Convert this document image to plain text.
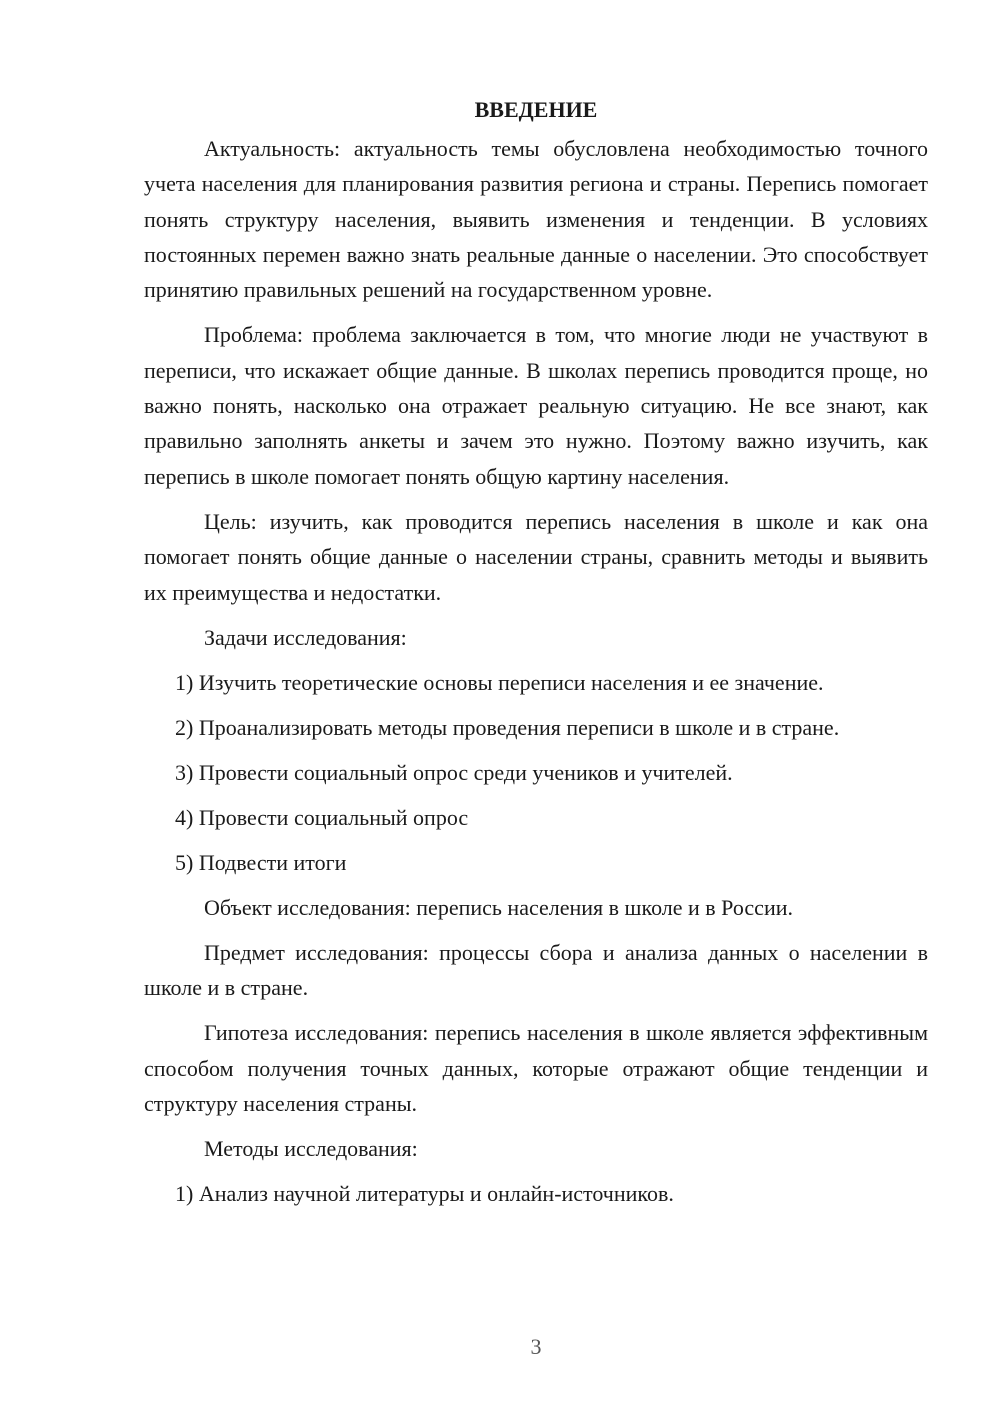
ВВЕДЕНИЕ

Актуальность: актуальность темы обусловлена необходимостью точного учета населения для планирования развития региона и страны. Перепись помогает понять структуру населения, выявить изменения и тенденции. В условиях постоянных перемен важно знать реальные данные о населении. Это способствует принятию правильных решений на государственном уровне.

Проблема: проблема заключается в том, что многие люди не участвуют в переписи, что искажает общие данные. В школах перепись проводится проще, но важно понять, насколько она отражает реальную ситуацию. Не все знают, как правильно заполнять анкеты и зачем это нужно. Поэтому важно изучить, как перепись в школе помогает понять общую картину населения.

Цель: изучить, как проводится перепись населения в школе и как она помогает понять общие данные о населении страны, сравнить методы и выявить их преимущества и недостатки.

Задачи исследования:

1) Изучить теоретические основы переписи населения и ее значение.

2) Проанализировать методы проведения переписи в школе и в стране.

3) Провести социальный опрос среди учеников и учителей.

4) Провести социальный опрос

5) Подвести итоги

Объект исследования: перепись населения в школе и в России.

Предмет исследования: процессы сбора и анализа данных о населении в школе и в стране.

Гипотеза исследования: перепись населения в школе является эффективным способом получения точных данных, которые отражают общие тенденции и структуру населения страны.

Методы исследования:

1) Анализ научной литературы и онлайн-источников.

3
